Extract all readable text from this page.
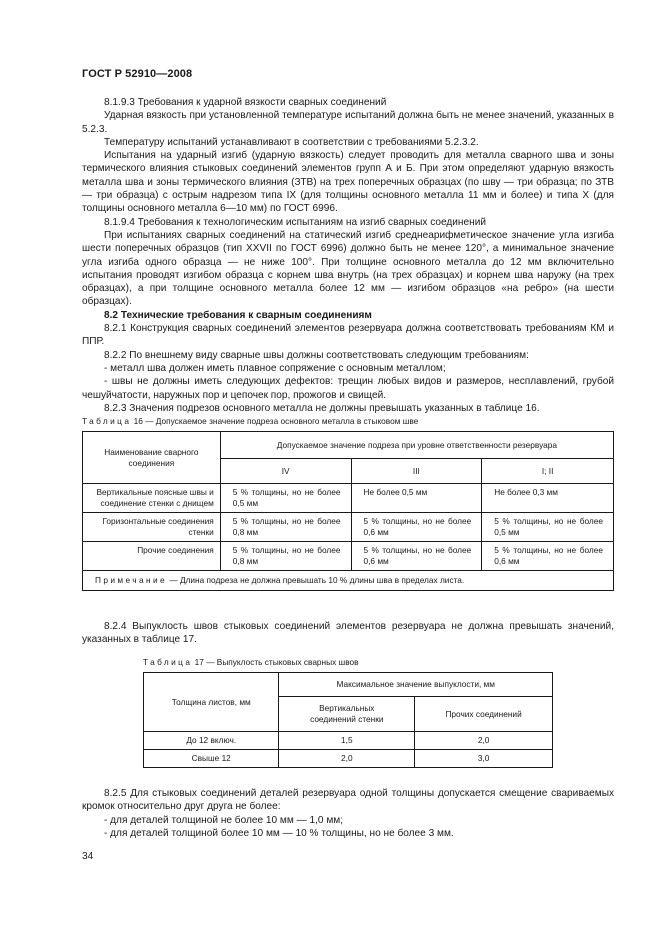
ГОСТ Р 52910—2008

8.1.9.3 Требования к ударной вязкости сварных соединений

Ударная вязкость при установленной температуре испытаний должна быть не менее значений, указанных в 5.2.3.

Температуру испытаний устанавливают в соответствии с требованиями 5.2.3.2.

Испытания на ударный изгиб (ударную вязкость) следует проводить для металла сварного шва и зоны термического влияния стыковых соединений элементов групп А и Б. При этом определяют ударную вязкость металла шва и зоны термического влияния (ЗТВ) на трех поперечных образцах (по шву — три образца; по ЗТВ — три образца) с острым надрезом типа IX (для толщины основного металла 11 мм и более) и типа X (для толщины основного металла 6—10 мм) по ГОСТ 6996.

8.1.9.4 Требования к технологическим испытаниям на изгиб сварных соединений

При испытаниях сварных соединений на статический изгиб среднеарифметическое значение угла изгиба шести поперечных образцов (тип XXVII по ГОСТ 6996) должно быть не менее 120°, а минимальное значение угла изгиба одного образца — не ниже 100°. При толщине основного металла до 12 мм включительно испытания проводят изгибом образца с корнем шва внутрь (на трех образцах) и корнем шва наружу (на трех образцах), а при толщине основного металла более 12 мм — изгибом образцов «на ребро» (на шести образцах).

8.2 Технические требования к сварным соединениям

8.2.1 Конструкция сварных соединений элементов резервуара должна соответствовать требованиям КМ и ППР.

8.2.2 По внешнему виду сварные швы должны соответствовать следующим требованиям:

- металл шва должен иметь плавное сопряжение с основным металлом;

- швы не должны иметь следующих дефектов: трещин любых видов и размеров, несплавлений, грубой чешуйчатости, наружных пор и цепочек пор, прожогов и свищей.

8.2.3 Значения подрезов основного металла не должны превышать указанных в таблице 16.

Таблица 16 — Допускаемое значение подреза основного металла в стыковом шве

Наименование сварного соединения	Допускаемое значение подреза при уровне ответственности резервуара		
	IV	III	I; II
Вертикальные поясные швы и соединение стенки с днищем	5 % толщины, но не более 0,5 мм	Не более 0,5 мм	Не более 0,3 мм
Горизонтальные соединения стенки	5 % толщины, но не более 0,8 мм	5 % толщины, но не более 0,6 мм	5 % толщины, но не более 0,5 мм
Прочие соединения	5 % толщины, но не более 0,8 мм	5 % толщины, но не более 0,6 мм	5 % толщины, но не более 0,6 мм
Примечание — Длина подреза не должна превышать 10 % длины шва в пределах листа.			

8.2.4 Выпуклость швов стыковых соединений элементов резервуара не должна превышать значений, указанных в таблице 17.

Таблица 17 — Выпуклость стыковых сварных швов

Толщина листов, мм	Максимальное значение выпуклости, мм	
	Вертикальных соединений стенки	Прочих соединений
До 12 включ.	1,5	2,0
Свыше 12	2,0	3,0

8.2.5 Для стыковых соединений деталей резервуара одной толщины допускается смещение свариваемых кромок относительно друг друга не более:

- для деталей толщиной не более 10 мм — 1,0 мм;

- для деталей толщиной более 10 мм — 10 % толщины, но не более 3 мм.

34
